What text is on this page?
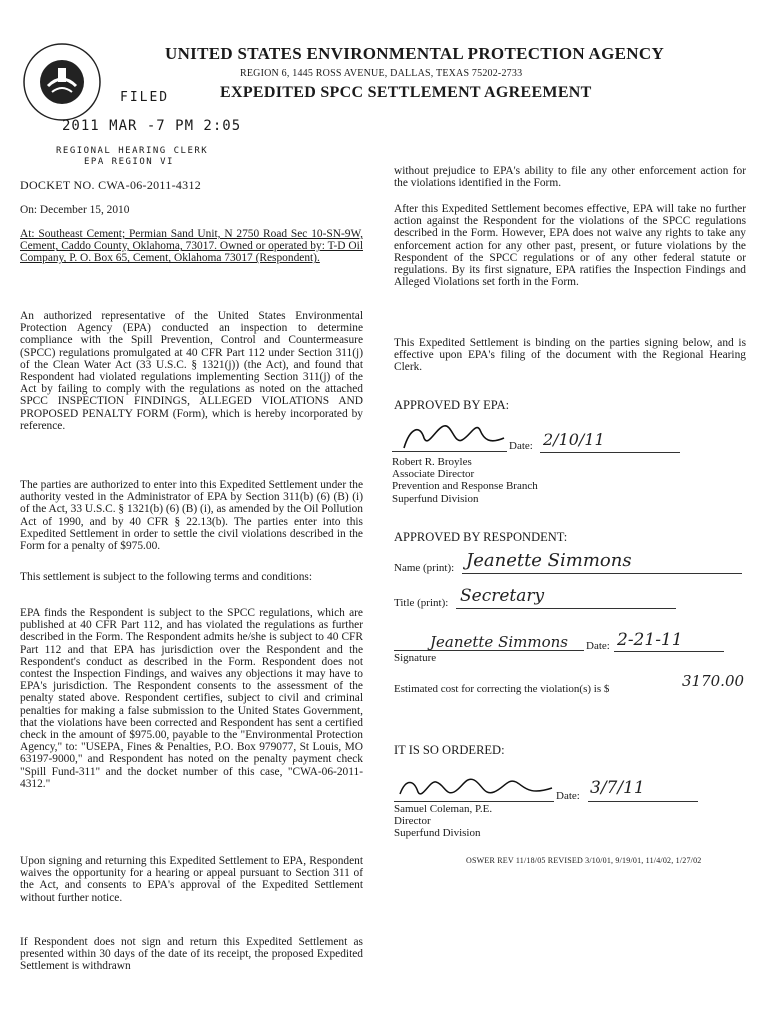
UNITED STATES ENVIRONMENTAL PROTECTION AGENCY
REGION 6, 1445 ROSS AVENUE, DALLAS, TEXAS 75202-2733
EXPEDITED SPCC SETTLEMENT AGREEMENT
FILED
2011 MAR -7 PM 2:05
REGIONAL HEARING CLERK
EPA REGION VI
DOCKET NO. CWA-06-2011-4312
On: December 15, 2010
At: Southeast Cement; Permian Sand Unit, N 2750 Road Sec 10-SN-9W, Cement, Caddo County, Oklahoma, 73017. Owned or operated by: T-D Oil Company, P. O. Box 65, Cement, Oklahoma 73017 (Respondent).
An authorized representative of the United States Environmental Protection Agency (EPA) conducted an inspection to determine compliance with the Spill Prevention, Control and Countermeasure (SPCC) regulations promulgated at 40 CFR Part 112 under Section 311(j) of the Clean Water Act (33 U.S.C. § 1321(j)) (the Act), and found that Respondent had violated regulations implementing Section 311(j) of the Act by failing to comply with the regulations as noted on the attached SPCC INSPECTION FINDINGS, ALLEGED VIOLATIONS AND PROPOSED PENALTY FORM (Form), which is hereby incorporated by reference.
The parties are authorized to enter into this Expedited Settlement under the authority vested in the Administrator of EPA by Section 311(b) (6) (B) (i) of the Act, 33 U.S.C. § 1321(b) (6) (B) (i), as amended by the Oil Pollution Act of 1990, and by 40 CFR § 22.13(b). The parties enter into this Expedited Settlement in order to settle the civil violations described in the Form for a penalty of $975.00.
This settlement is subject to the following terms and conditions:
EPA finds the Respondent is subject to the SPCC regulations, which are published at 40 CFR Part 112, and has violated the regulations as further described in the Form. The Respondent admits he/she is subject to 40 CFR Part 112 and that EPA has jurisdiction over the Respondent and the Respondent's conduct as described in the Form. Respondent does not contest the Inspection Findings, and waives any objections it may have to EPA's jurisdiction. The Respondent consents to the assessment of the penalty stated above. Respondent certifies, subject to civil and criminal penalties for making a false submission to the United States Government, that the violations have been corrected and Respondent has sent a certified check in the amount of $975.00, payable to the "Environmental Protection Agency," to: "USEPA, Fines & Penalties, P.O. Box 979077, St Louis, MO 63197-9000," and Respondent has noted on the penalty payment check "Spill Fund-311" and the docket number of this case, "CWA-06-2011-4312."
Upon signing and returning this Expedited Settlement to EPA, Respondent waives the opportunity for a hearing or appeal pursuant to Section 311 of the Act, and consents to EPA's approval of the Expedited Settlement without further notice.
If Respondent does not sign and return this Expedited Settlement as presented within 30 days of the date of its receipt, the proposed Expedited Settlement is withdrawn
without prejudice to EPA's ability to file any other enforcement action for the violations identified in the Form.
After this Expedited Settlement becomes effective, EPA will take no further action against the Respondent for the violations of the SPCC regulations described in the Form. However, EPA does not waive any rights to take any enforcement action for any other past, present, or future violations by the Respondent of the SPCC regulations or of any other federal statute or regulations. By its first signature, EPA ratifies the Inspection Findings and Alleged Violations set forth in the Form.
This Expedited Settlement is binding on the parties signing below, and is effective upon EPA's filing of the document with the Regional Hearing Clerk.
APPROVED BY EPA:
Date: 2/10/11
Robert R. Broyles
Associate Director
Prevention and Response Branch
Superfund Division
APPROVED BY RESPONDENT:
Name (print): Jeanette Simmons
Title (print): Secretary
Jeanette Simmons Date: 2-21-11
Signature
Estimated cost for correcting the violation(s) is $	3170.00
IT IS SO ORDERED:
Date: 3/7/11
Samuel Coleman, P.E.
Director
Superfund Division
OSWER REV 11/18/05 REVISED 3/10/01, 9/19/01, 11/4/02, 1/27/02
